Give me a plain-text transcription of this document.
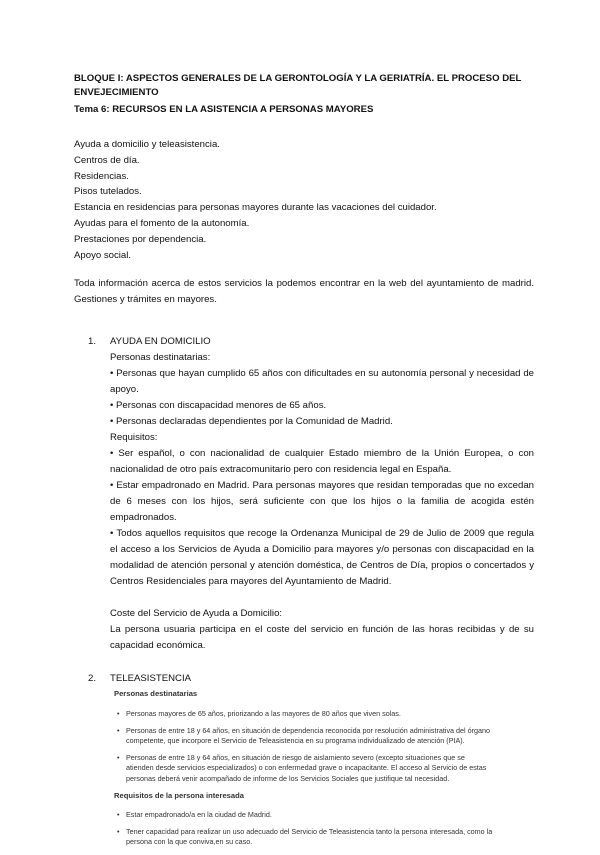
BLOQUE I: ASPECTOS GENERALES DE LA GERONTOLOGÍA Y LA GERIATRÍA. EL PROCESO DEL ENVEJECIMIENTO
Tema 6: RECURSOS EN LA ASISTENCIA A PERSONAS MAYORES
Ayuda a domicilio y teleasistencia.
Centros de día.
Residencias.
Pisos tutelados.
Estancia en residencias para personas mayores durante las vacaciones del cuidador.
Ayudas para el fomento de la autonomía.
Prestaciones por dependencia.
Apoyo social.
Toda información acerca de estos servicios la podemos encontrar en la web del ayuntamiento de madrid. Gestiones y trámites en mayores.
1. AYUDA EN DOMICILIO
Personas destinatarias:
• Personas que hayan cumplido 65 años con dificultades en su autonomía personal y necesidad de apoyo.
• Personas con discapacidad menores de 65 años.
• Personas declaradas dependientes por la Comunidad de Madrid.
Requisitos:
• Ser español, o con nacionalidad de cualquier Estado miembro de la Unión Europea, o con nacionalidad de otro país extracomunitario pero con residencia legal en España.
• Estar empadronado en Madrid. Para personas mayores que residan temporadas que no excedan de 6 meses con los hijos, será suficiente con que los hijos o la familia de acogida estén empadronados.
• Todos aquellos requisitos que recoge la Ordenanza Municipal de 29 de Julio de 2009 que regula el acceso a los Servicios de Ayuda a Domicilio para mayores y/o personas con discapacidad en la modalidad de atención personal y atención doméstica, de Centros de Día, propios o concertados y Centros Residenciales para mayores del Ayuntamiento de Madrid.
Coste del Servicio de Ayuda a Domicilio:
La persona usuaria participa en el coste del servicio en función de las horas recibidas y de su capacidad económica.
2. TELEASISTENCIA
Personas destinatarias
• Personas mayores de 65 años, priorizando a las mayores de 80 años que viven solas.
• Personas de entre 18 y 64 años, en situación de dependencia reconocida por resolución administrativa del órgano competente, que incorpore el Servicio de Teleasistencia en su programa individualizado de atención (PIA).
• Personas de entre 18 y 64 años, en situación de riesgo de aislamiento severo (excepto situaciones que se atienden desde servicios especializados) o con enfermedad grave o incapacitante. El acceso al Servicio de estas personas deberá venir acompañado de informe de los Servicios Sociales que justifique tal necesidad.
Requisitos de la persona interesada
• Estar empadronado/a en la ciudad de Madrid.
• Tener capacidad para realizar un uso adecuado del Servicio de Teleasistencia tanto la persona interesada, como la persona con la que conviva,en su caso.
